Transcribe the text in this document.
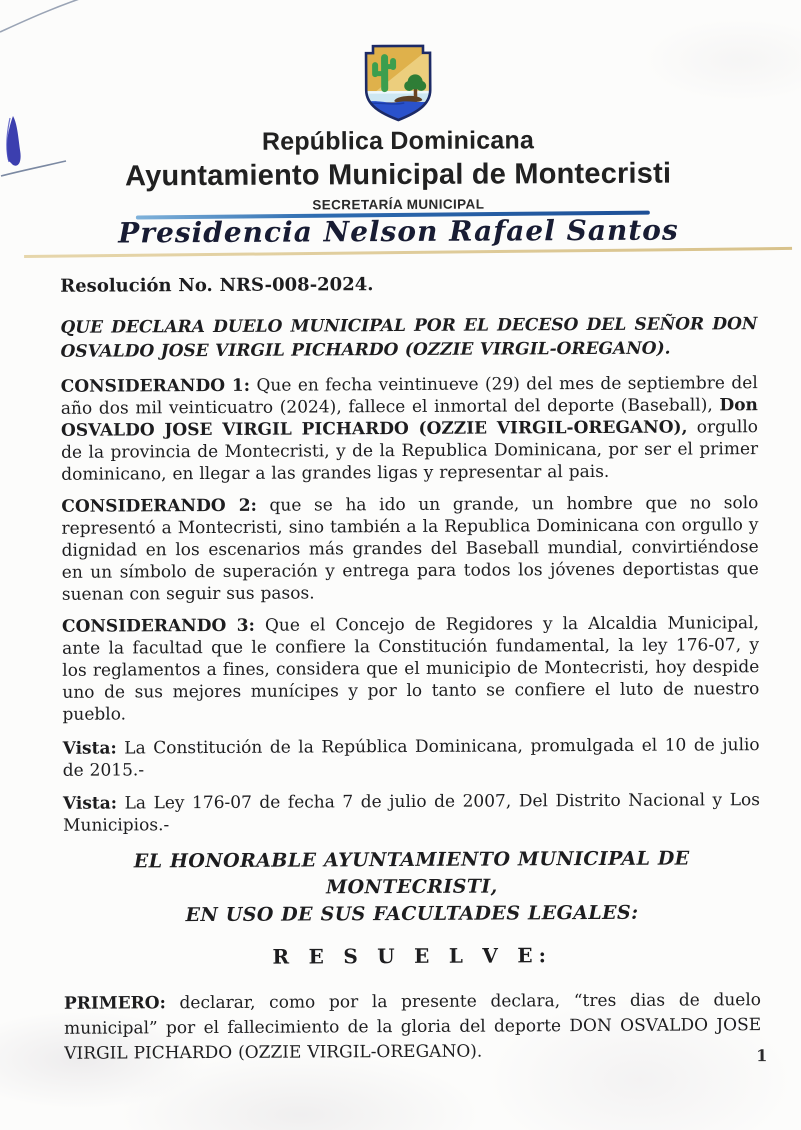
República Dominicana
Ayuntamiento Municipal de Montecristi
SECRETARÍA MUNICIPAL
Presidencia Nelson Rafael Santos

Resolución No. NRS-008-2024.

QUE DECLARA DUELO MUNICIPAL POR EL DECESO DEL SEÑOR DON
OSVALDO JOSE VIRGIL PICHARDO (OZZIE VIRGIL-OREGANO).

CONSIDERANDO 1: Que en fecha veintinueve (29) del mes de septiembre del año dos mil veinticuatro (2024), fallece el inmortal del deporte (Baseball), Don OSVALDO JOSE VIRGIL PICHARDO (OZZIE VIRGIL-OREGANO), orgullo de la provincia de Montecristi, y de la Republica Dominicana, por ser el primer dominicano, en llegar a las grandes ligas y representar al pais.

CONSIDERANDO 2: que se ha ido un grande, un hombre que no solo representó a Montecristi, sino también a la Republica Dominicana con orgullo y dignidad en los escenarios más grandes del Baseball mundial, convirtiéndose en un símbolo de superación y entrega para todos los jóvenes deportistas que suenan con seguir sus pasos.

CONSIDERANDO 3: Que el Concejo de Regidores y la Alcaldia Municipal, ante la facultad que le confiere la Constitución fundamental, la ley 176-07, y los reglamentos a fines, considera que el municipio de Montecristi, hoy despide uno de sus mejores munícipes y por lo tanto se confiere el luto de nuestro pueblo.

Vista: La Constitución de la República Dominicana, promulgada el 10 de julio de 2015.-

Vista: La Ley 176-07 de fecha 7 de julio de 2007, Del Distrito Nacional y Los Municipios.-

EL HONORABLE AYUNTAMIENTO MUNICIPAL DE MONTECRISTI,
EN USO DE SUS FACULTADES LEGALES:

R E S U E L V E:

PRIMERO: declarar, como por la presente declara, “tres dias de duelo municipal” por el fallecimiento de la gloria del deporte DON OSVALDO JOSE VIRGIL PICHARDO (OZZIE VIRGIL-OREGANO).	1
